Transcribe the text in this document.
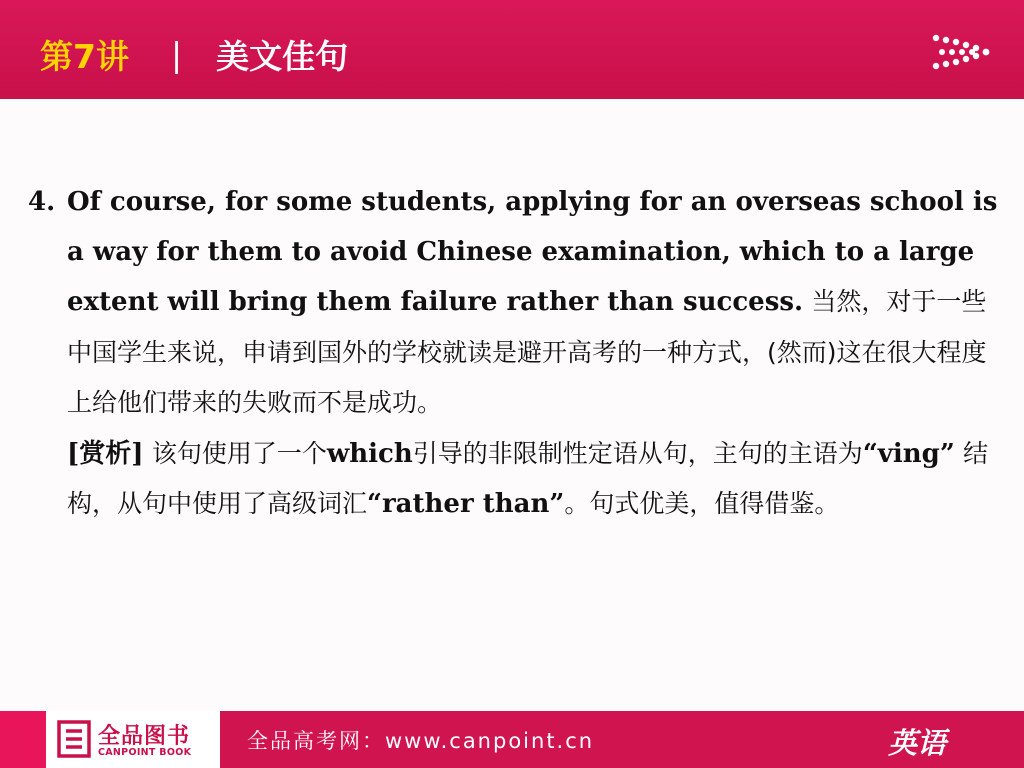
第7讲 | 美文佳句
4. Of course, for some students, applying for an overseas school is a way for them to avoid Chinese examination, which to a large extent will bring them failure rather than success. 当然，对于一些中国学生来说，申请到国外的学校就读是避开高考的一种方式，(然而)这在很大程度上给他们带来的失败而不是成功。
[赏析] 该句使用了一个which引导的非限制性定语从句，主句的主语为“ving” 结构，从句中使用了高级词汇“rather than”。句式优美，值得借鉴。
全品图书
CANPOINT BOOK	全品高考网：www.canpoint.cn	英语
